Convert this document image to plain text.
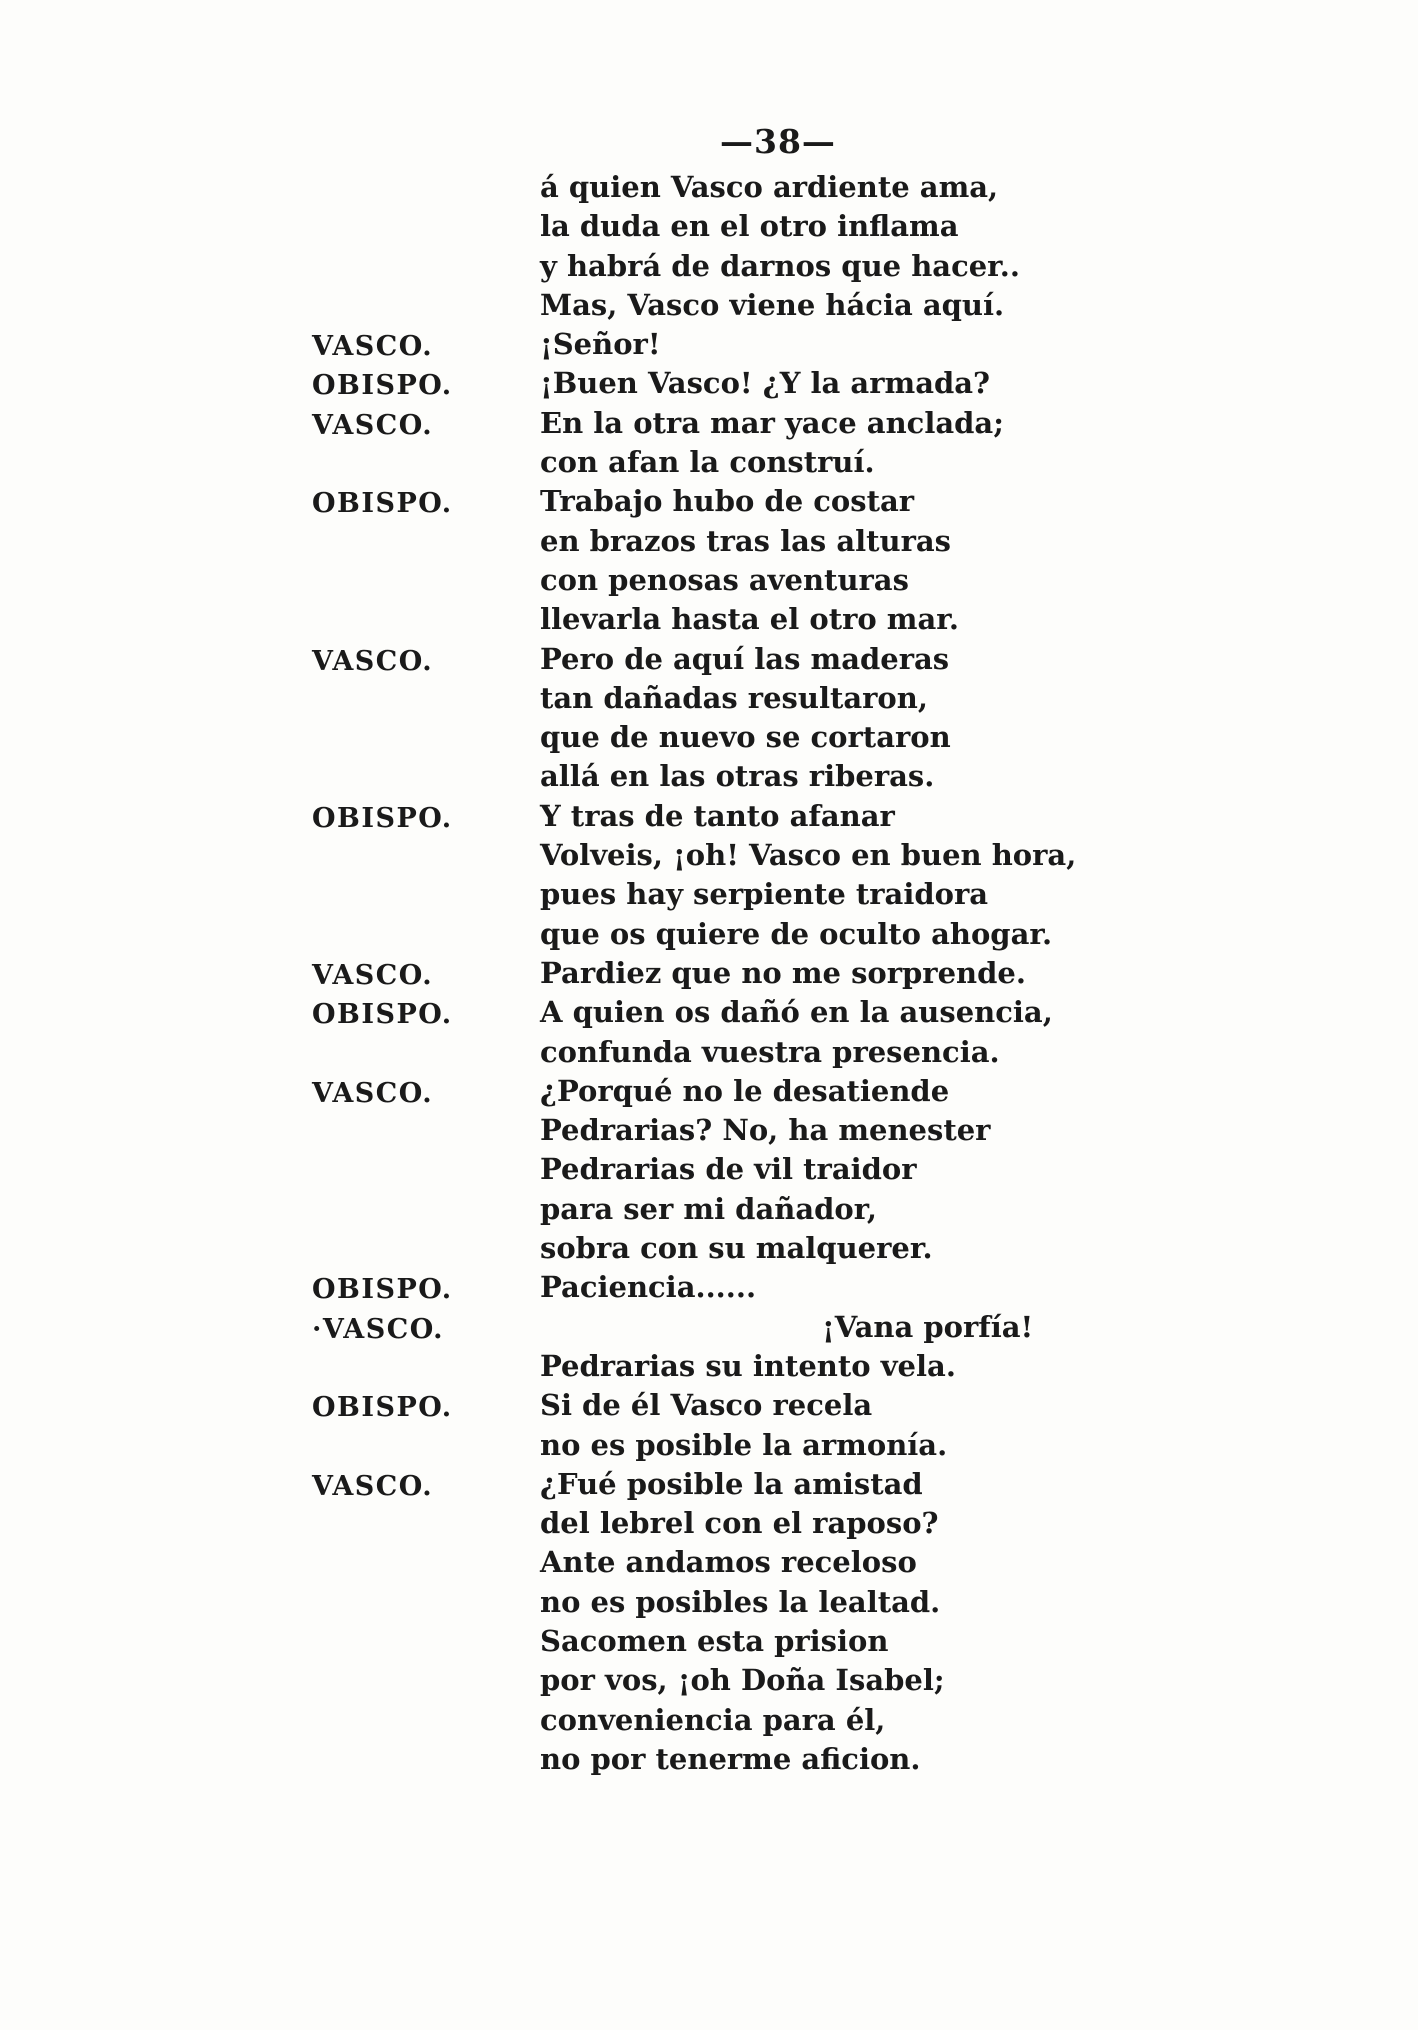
—38—
á quien Vasco ardiente ama,
la duda en el otro inflama
y habrá de darnos que hacer..
Mas, Vasco viene hácia aquí.
VASCO.	¡Señor!
OBISPO.	¡Buen Vasco! ¿Y la armada?
VASCO.	En la otra mar yace anclada;
con afan la construí.
OBISPO.	Trabajo hubo de costar
en brazos tras las alturas
con penosas aventuras
llevarla hasta el otro mar.
VASCO.	Pero de aquí las maderas
tan dañadas resultaron,
que de nuevo se cortaron
allá en las otras riberas.
OBISPO.	Y tras de tanto afanar
Volveis, ¡oh! Vasco en buen hora,
pues hay serpiente traidora
que os quiere de oculto ahogar.
VASCO.	Pardiez que no me sorprende.
OBISPO.	A quien os dañó en la ausencia,
confunda vuestra presencia.
VASCO.	¿Porqué no le desatiende
Pedrarias? No, ha menester
Pedrarias de vil traidor
para ser mi dañador,
sobra con su malquerer.
OBISPO.	Paciencia......
·VASCO.	¡Vana porfía!
Pedrarias su intento vela.
OBISPO.	Si de él Vasco recela
no es posible la armonía.
VASCO.	¿Fué posible la amistad
del lebrel con el raposo?
Ante andamos receloso
no es posibles la lealtad.
Sacomen esta prision
por vos, ¡oh Doña Isabel;
conveniencia para él,
no por tenerme aficion.
